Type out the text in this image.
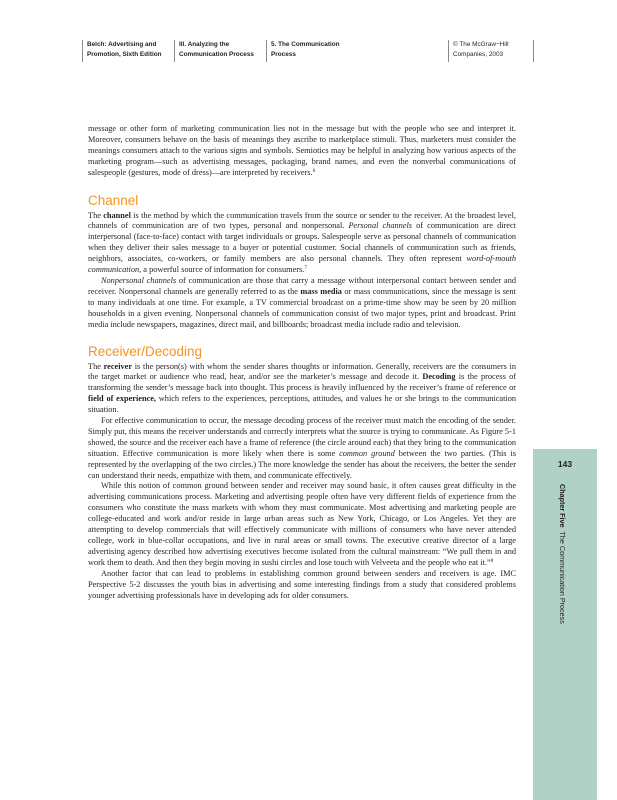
Belch: Advertising and
Promotion, Sixth Edition
III. Analyzing the
Communication Process
5. The Communication
Process
© The McGraw−Hill
Companies, 2003

message or other form of marketing communication lies not in the message but with the people who see and interpret it. Moreover, consumers behave on the basis of meanings they ascribe to marketplace stimuli. Thus, marketers must consider the meanings consumers attach to the various signs and symbols. Semiotics may be helpful in analyzing how various aspects of the marketing program—such as advertising messages, packaging, brand names, and even the nonverbal communications of salespeople (gestures, mode of dress)—are interpreted by receivers.$^6$

Channel

The channel is the method by which the communication travels from the source or sender to the receiver. At the broadest level, channels of communication are of two types, personal and nonpersonal. Personal channels of communication are direct interpersonal (face-to-face) contact with target individuals or groups. Salespeople serve as personal channels of communication when they deliver their sales message to a buyer or potential customer. Social channels of communication such as friends, neighbors, associates, co-workers, or family members are also personal channels. They often represent word-of-mouth communication, a powerful source of information for consumers.$^7$

Nonpersonal channels of communication are those that carry a message without interpersonal contact between sender and receiver. Nonpersonal channels are generally referred to as the mass media or mass communications, since the message is sent to many individuals at one time. For example, a TV commercial broadcast on a prime-time show may be seen by 20 million households in a given evening. Nonpersonal channels of communication consist of two major types, print and broadcast. Print media include newspapers, magazines, direct mail, and billboards; broadcast media include radio and television.

Receiver/Decoding

The receiver is the person(s) with whom the sender shares thoughts or information. Generally, receivers are the consumers in the target market or audience who read, hear, and/or see the marketer’s message and decode it. Decoding is the process of transforming the sender’s message back into thought. This process is heavily influenced by the receiver’s frame of reference or field of experience, which refers to the experiences, perceptions, attitudes, and values he or she brings to the communication situation.

For effective communication to occur, the message decoding process of the receiver must match the encoding of the sender. Simply put, this means the receiver understands and correctly interprets what the source is trying to communicate. As Figure 5-1 showed, the source and the receiver each have a frame of reference (the circle around each) that they bring to the communication situation. Effective communication is more likely when there is some common ground between the two parties. (This is represented by the overlapping of the two circles.) The more knowledge the sender has about the receivers, the better the sender can understand their needs, empathize with them, and communicate effectively.

While this notion of common ground between sender and receiver may sound basic, it often causes great difficulty in the advertising communications process. Marketing and advertising people often have very different fields of experience from the consumers who constitute the mass markets with whom they must communicate. Most advertising and marketing people are college-educated and work and/or reside in large urban areas such as New York, Chicago, or Los Angeles. Yet they are attempting to develop commercials that will effectively communicate with millions of consumers who have never attended college, work in blue-collar occupations, and live in rural areas or small towns. The executive creative director of a large advertising agency described how advertising executives become isolated from the cultural mainstream: “We pull them in and work them to death. And then they begin moving in sushi circles and lose touch with Velveeta and the people who eat it.”$^8$

Another factor that can lead to problems in establishing common ground between senders and receivers is age. IMC Perspective 5-2 discusses the youth bias in advertising and some interesting findings from a study that considered problems younger advertising professionals have in developing ads for older consumers.

143
Chapter Five  The Communication Process
